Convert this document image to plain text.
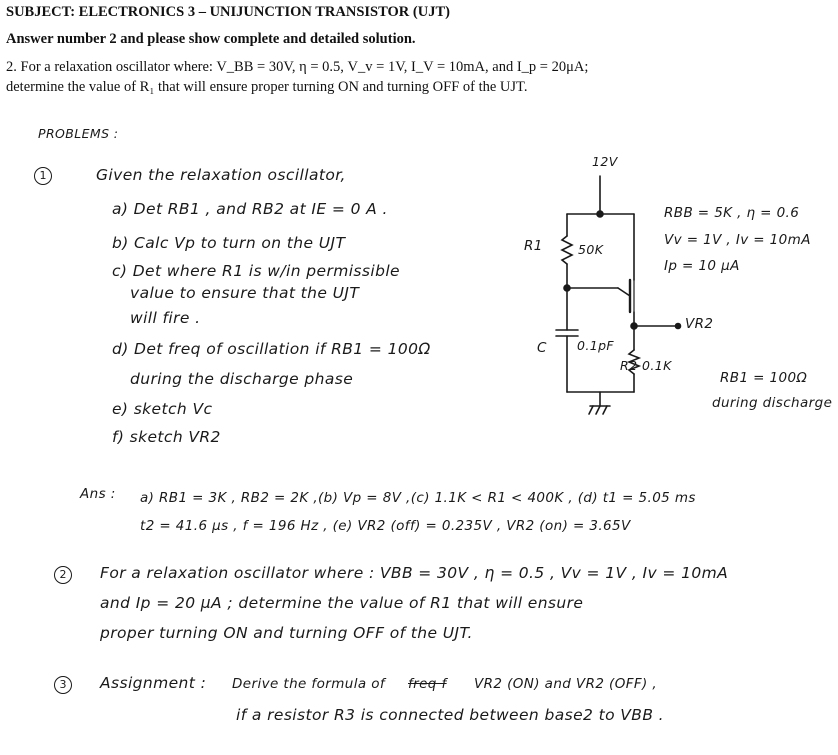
SUBJECT: ELECTRONICS 3 – UNIJUNCTION TRANSISTOR (UJT)
Answer number 2 and please show complete and detailed solution.
2. For a relaxation oscillator where: V_BB = 30V, η = 0.5, V_v = 1V, I_V = 10mA, and I_p = 20μA;
determine the value of R₁ that will ensure proper turning ON and turning OFF of the UJT.
PROBLEMS :
1	Given the relaxation oscillator,
a) Det RB1 , and RB2 at IE = 0 A .
b) Calc Vp to turn on the UJT
c) Det where R1 is w/in permissible
value to ensure that the UJT
will fire .
d) Det freq of oscillation if RB1 = 100Ω
during the discharge phase
e) sketch Vc
f) sketch VR2
12V
R1	50K
C 0.1pF
R2 0.1K
VR2
RBB = 5K , η = 0.6
Vv = 1V , Iv = 10mA
Ip = 10 μA
RB1 = 100Ω
during discharge
Ans : a) RB1 = 3K , RB2 = 2K ,(b) Vp = 8V ,(c) 1.1K < R1 < 400K , (d) t1 = 5.05 ms
t2 = 41.6 μs , f = 196 Hz , (e) VR2 (off) = 0.235V , VR2 (on) = 3.65V
2	For a relaxation oscillator where : VBB = 30V , η = 0.5 , Vv = 1V , Iv = 10mA
and Ip = 20 μA ; determine the value of R1 that will ensure
proper turning ON and turning OFF of the UJT.
3	Assignment : Derive the formula of freq f VR2 (ON) and VR2 (OFF) ,
if a resistor R3 is connected between base2 to VBB .
